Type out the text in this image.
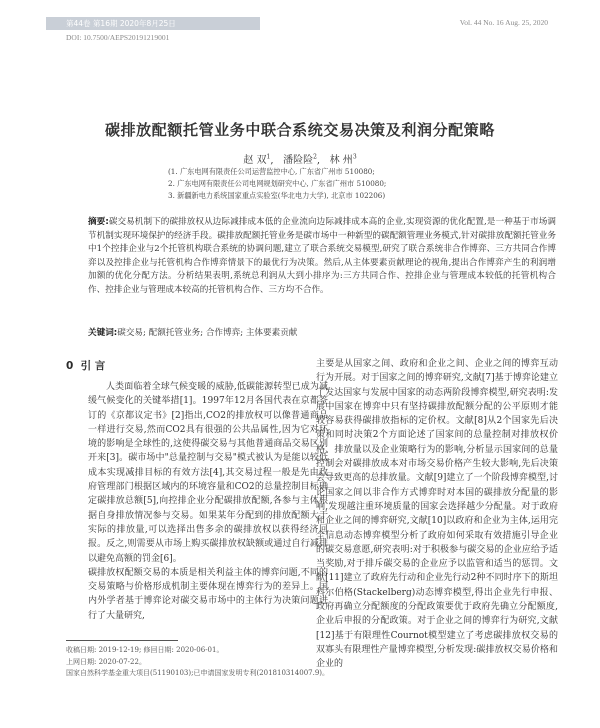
第44卷 第16期 2020年8月25日	Vol. 44 No. 16 Aug. 25, 2020
DOI: 10.7500/AEPS20191219001
碳排放配额托管业务中联合系统交易决策及利润分配策略
赵 双$^1$,   潘险险$^2$,   林 州$^3$
(1. 广东电网有限责任公司运营监控中心, 广东省广州市 510080;
2. 广东电网有限责任公司电网规划研究中心, 广东省广州市 510080;
3. 新疆新电力系统国家重点实验室(华北电力大学), 北京市 102206)
摘要:碳交易机制下的碳排放权从边际减排成本低的企业流向边际减排成本高的企业,实现资源的优化配置,是一种基于市场调节机制实现环境保护的经济手段。碳排放配额托管业务是碳市场中一种新型的碳配额管理业务模式,针对碳排放配额托管业务中1个控排企业与2个托管机构联合系统的协调问题,建立了联合系统交易模型,研究了联合系统非合作博弈、三方共同合作博弈以及控排企业与托管机构合作博弈情景下的最优行为决策。然后,从主体要素贡献理论的视角,提出合作博弈产生的利润增加额的优化分配方法。分析结果表明,系统总利润从大到小排序为:三方共同合作、控排企业与管理成本较低的托管机构合作、控排企业与管理成本较高的托管机构合作、三方均不合作。
关键词:碳交易; 配额托管业务; 合作博弈; 主体要素贡献
0 引 言

人类面临着全球气候变暖的威胁,低碳能源转型已成为减缓气候变化的关键举措[1]。1997年12月各国代表在京都签订的《京都议定书》[2]指出,CO2的排放权可以像普通商品一样进行交易,然而CO2具有很强的公共品属性,因为它对环境的影响是全球性的,这使得碳交易与其他普通商品交易区别开来[3]。碳市场中"总量控制与交易"模式被认为是能以较低成本实现减排目标的有效方法[4],其交易过程一般是先由政府管理部门根据区域内的环境容量和CO2的总量控制目标确定碳排放总额[5],向控排企业分配碳排放配额,各参与主体根据自身排放情况参与交易。如果某年分配到的排放配额大于实际的排放量,可以选择出售多余的碳排放权以获得经济回报。反之,则需要从市场上购买碳排放权缺额或通过自行减排以避免高额的罚金[6]。
碳排放权配额交易的本质是相关利益主体的博弈问题,不同的交易策略与价格形成机制主要体现在博弈行为的差异上。国内外学者基于博弈论对碳交易市场中的主体行为决策问题进行了大量研究,

主要是从国家之间、政府和企业之间、企业之间的博弈互动行为开展。对于国家之间的博弈研究,文献[7]基于博弈论建立了发达国家与发展中国家的动态两阶段博弈模型,研究表明:发展中国家在博弈中只有坚持碳排放配额分配的公平原则才能较容易获得碳排放指标的定价权。文献[8]从2个国家先后决策和同时决策2个方面论述了国家间的总量控制对排放权价格、排放量以及企业策略行为的影响,分析显示国家间的总量控制会对碳排放成本对市场交易价格产生较大影响,先后决策会导致更高的总排放量。文献[9]建立了一个阶段博弈模型,讨论国家之间以非合作方式博弈时对本国的碳排放分配量的影响,发现越注重环境质量的国家会选择越少分配量。对于政府和企业之间的博弈研究,文献[10]以政府和企业为主体,运用完全信息动态博弈模型分析了政府如何采取有效措施引导企业的碳交易意愿,研究表明:对于积极参与碳交易的企业应给予适当奖励,对于排斥碳交易的企业应予以监管和适当的惩罚。文献[11]建立了政府先行动和企业先行动2种不同时序下的斯坦科尔伯格(Stackelberg)动态博弈模型,得出企业先行申报、政府再确立分配额度的分配政策要优于政府先确立分配额度,企业后申报的分配政策。对于企业之间的博弈行为研究,文献[12]基于有限理性Cournot模型建立了考虑碳排放权交易的双寡头有限理性产量博弈模型,分析发现:碳排放权交易价格和企业的

收稿日期: 2019-12-19; 修回日期: 2020-06-01。
上网日期: 2020-07-22。
国家自然科学基金重大项目(51190103);已申请国家发明专利(201810314007.9)。
